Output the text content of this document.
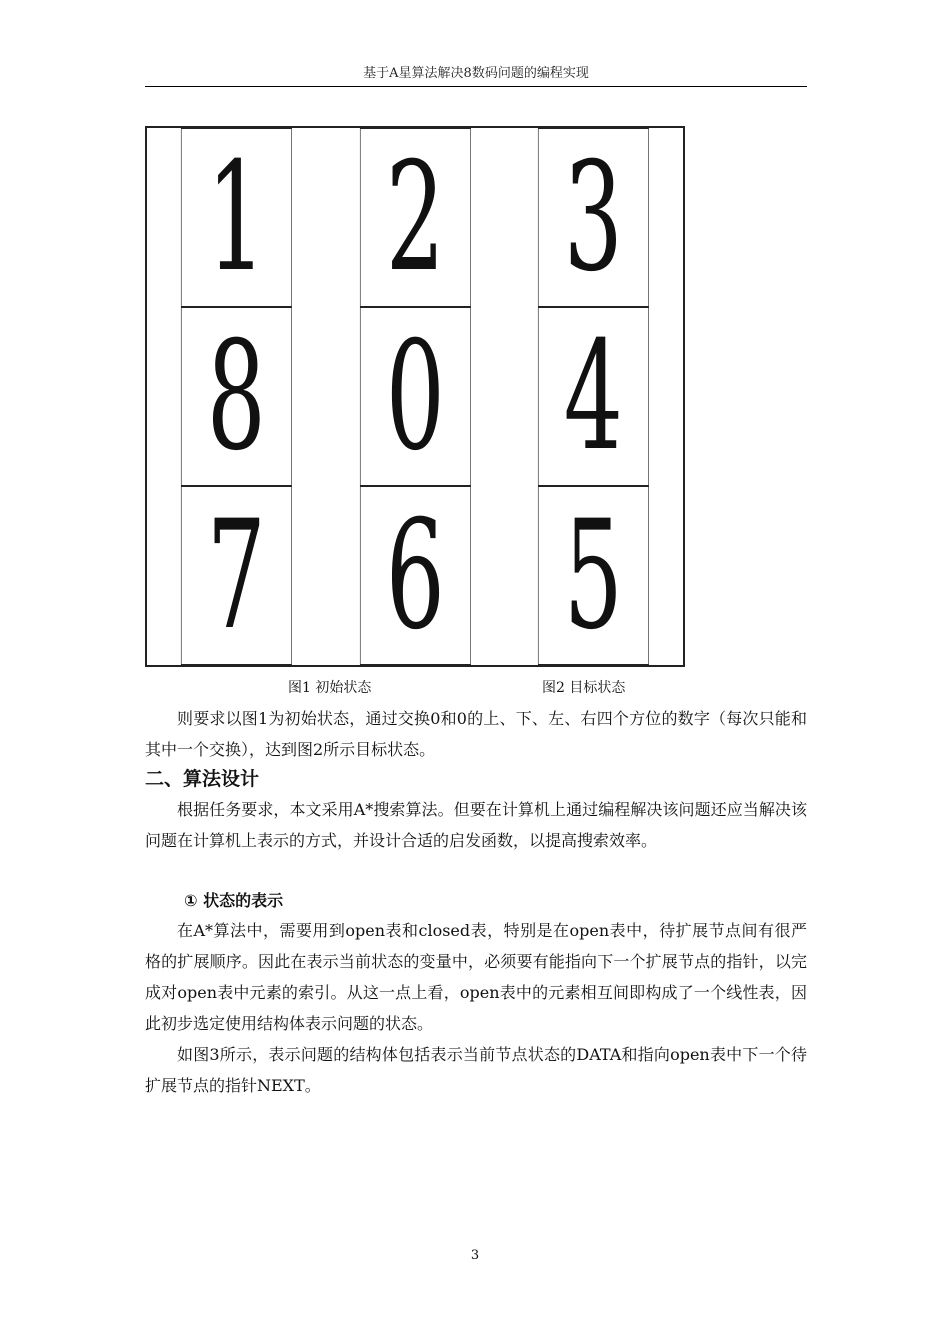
基于A星算法解决8数码问题的编程实现
1 2 3
8 0 4
7 6 5
图1 初始状态	图2 目标状态

则要求以图1为初始状态，通过交换0和0的上、下、左、右四个方位的数字（每次只能和其中一个交换），达到图2所示目标状态。

二、算法设计

根据任务要求，本文采用A*搜索算法。但要在计算机上通过编程解决该问题还应当解决该问题在计算机上表示的方式，并设计合适的启发函数，以提高搜索效率。

① 状态的表示

在A*算法中，需要用到open表和closed表，特别是在open表中，待扩展节点间有很严格的扩展顺序。因此在表示当前状态的变量中，必须要有能指向下一个扩展节点的指针，以完成对open表中元素的索引。从这一点上看，open表中的元素相互间即构成了一个线性表，因此初步选定使用结构体表示问题的状态。

如图3所示，表示问题的结构体包括表示当前节点状态的DATA和指向open表中下一个待扩展节点的指针NEXT。

3
